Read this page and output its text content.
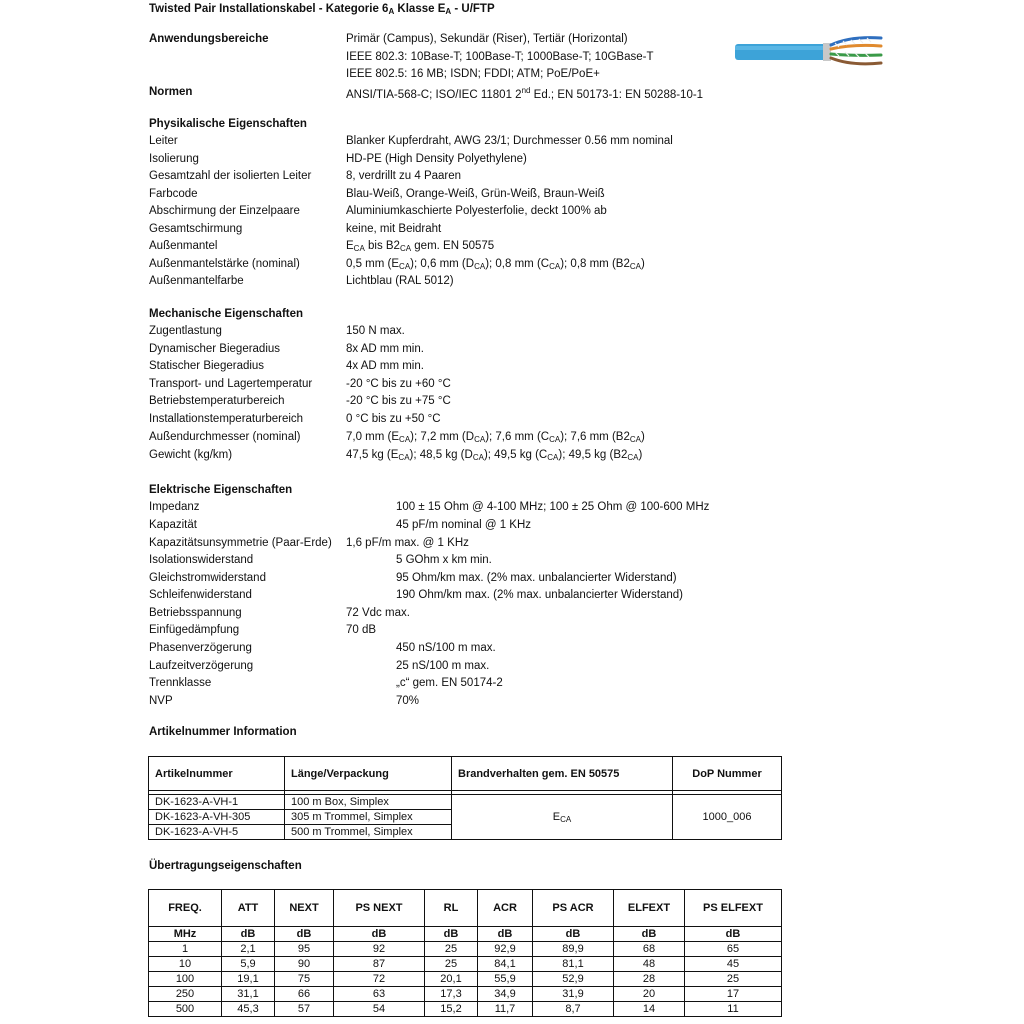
Twisted Pair Installationskabel - Kategorie $6_A$ Klasse $E_A - U/FTP$
Anwendungsbereiche	Primär (Campus), Sekundär (Riser), Tertiär (Horizontal)
IEEE 802.3: 10Base-T; 100Base-T; 1000Base-T; 10GBase-T
IEEE 802.5: 16 MB; ISDN; FDDI; ATM; PoE/PoE+
Normen	ANSI/TIA-568-C; ISO/IEC 11801 2nd Ed.; EN 50173-1: EN 50288-10-1
Physikalische Eigenschaften
Leiter	Blanker Kupferdraht, AWG 23/1; Durchmesser 0.56 mm nominal
Isolierung	HD-PE (High Density Polyethylene)
Gesamtzahl der isolierten Leiter	8, verdrillt zu 4 Paaren
Farbcode	Blau-Weiß, Orange-Weiß, Grün-Weiß, Braun-Weiß
Abschirmung der Einzelpaare	Aluminiumkaschierte Polyesterfolie, deckt 100% ab
Gesamtschirmung	keine, mit Beidraht
Außenmantel	$E_{CA}$ bis $B2_{CA}$ gem. EN 50575
Außenmantelstärke (nominal)	0,5 mm $(E_{CA})$; 0,6 mm $(D_{CA})$; 0,8 mm $(C_{CA})$; 0,8 mm $(B2_{CA})$
Außenmantelfarbe	Lichtblau (RAL 5012)
Mechanische Eigenschaften
Zugentlastung	150 N max.
Dynamischer Biegeradius	8x AD mm min.
Statischer Biegeradius	4x AD mm min.
Transport- und Lagertemperatur	-20 °C bis zu +60 °C
Betriebstemperaturbereich	-20 °C bis zu +75 °C
Installationstemperaturbereich	0 °C bis zu +50 °C
Außendurchmesser (nominal)	7,0 mm $(E_{CA})$; 7,2 mm $(D_{CA})$; 7,6 mm $(C_{CA})$; 7,6 mm $(B2_{CA})$
Gewicht (kg/km)	47,5 kg $(E_{CA})$; 48,5 kg $(D_{CA})$; 49,5 kg $(C_{CA})$; 49,5 kg $(B2_{CA})$
Elektrische Eigenschaften
Impedanz	100 ± 15 Ohm @ 4-100 MHz; 100 ± 25 Ohm @ 100-600 MHz
Kapazität	45 pF/m nominal @ 1 KHz
Kapazitätsunsymmetrie (Paar-Erde) 1,6 pF/m max. @ 1 KHz
Isolationswiderstand	5 GOhm x km min.
Gleichstromwiderstand	95 Ohm/km max. (2% max. unbalancierter Widerstand)
Schleifenwiderstand	190 Ohm/km max. (2% max. unbalancierter Widerstand)
Betriebsspannung	72 Vdc max.
Einfügedämpfung	70 dB
Phasenverzögerung	450 nS/100 m max.
Laufzeitverzögerung	25 nS/100 m max.
Trennklasse	„c“ gem. EN 50174-2
NVP	70%
Artikelnummer Information
Artikelnummer	Länge/Verpackung	Brandverhalten gem. EN 50575	DoP Nummer

DK-1623-A-VH-1	100 m Box, Simplex	$E_{CA}$	1000_006
DK-1623-A-VH-305	305 m Trommel, Simplex		
DK-1623-A-VH-5	500 m Trommel, Simplex		
Übertragungseigenschaften
FREQ.	ATT	NEXT	PS NEXT	RL	ACR	PS ACR	ELFEXT	PS ELFEXT
MHz	dB	dB	dB	dB	dB	dB	dB	dB
1	2,1	95	92	25	92,9	89,9	68	65
10	5,9	90	87	25	84,1	81,1	48	45
100	19,1	75	72	20,1	55,9	52,9	28	25
250	31,1	66	63	17,3	34,9	31,9	20	17
500	45,3	57	54	15,2	11,7	8,7	14	11
